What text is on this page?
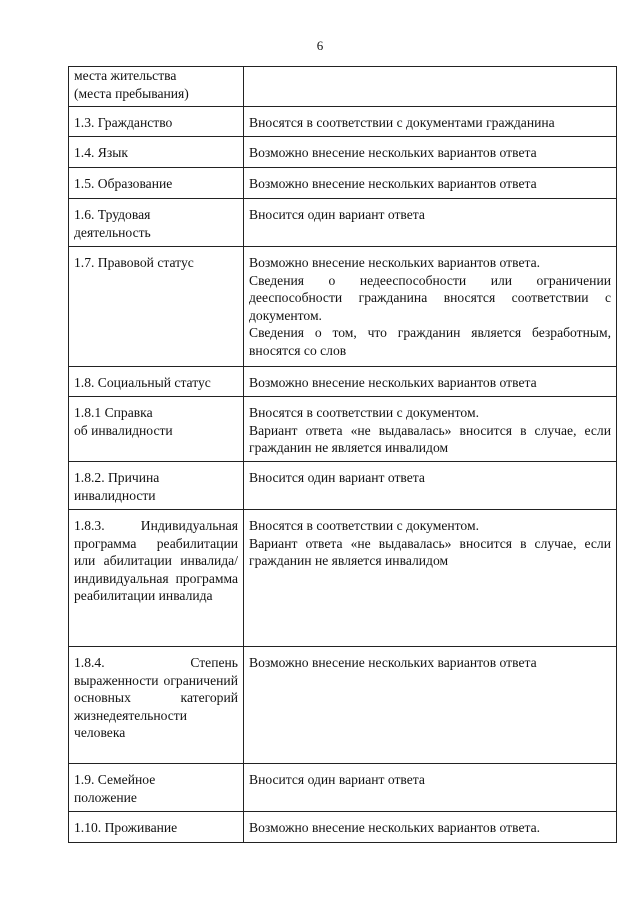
6
места жительства
(места пребывания)	

1.3. Гражданство	Вносятся в соответствии с документами гражданина

1.4. Язык	Возможно внесение нескольких вариантов ответа

1.5. Образование	Возможно внесение нескольких вариантов ответа

1.6. Трудовая
деятельность	Вносится один вариант ответа

1.7. Правовой статус	Возможно внесение нескольких вариантов ответа.
Сведения о недееспособности или ограничении дееспособности гражданина вносятся соответствии с документом.
Сведения о том, что гражданин является безработным, вносятся со слов

1.8. Социальный статус	Возможно внесение нескольких вариантов ответа

1.8.1 Справка
об инвалидности	Вносятся в соответствии с документом.
Вариант ответа «не выдавалась» вносится в случае, если гражданин не является инвалидом

1.8.2. Причина
инвалидности	Вносится один вариант ответа

1.8.3. Индивидуальная программа реабилитации или абилитации инвалида/ индивидуальная программа реабилитации инвалида	Вносятся в соответствии с документом.
Вариант ответа «не выдавалась» вносится в случае, если гражданин не является инвалидом

1.8.4. Степень выраженности ограничений основных категорий жизнедеятельности человека	Возможно внесение нескольких вариантов ответа

1.9. Семейное
положение	Вносится один вариант ответа

1.10. Проживание	Возможно внесение нескольких вариантов ответа.
